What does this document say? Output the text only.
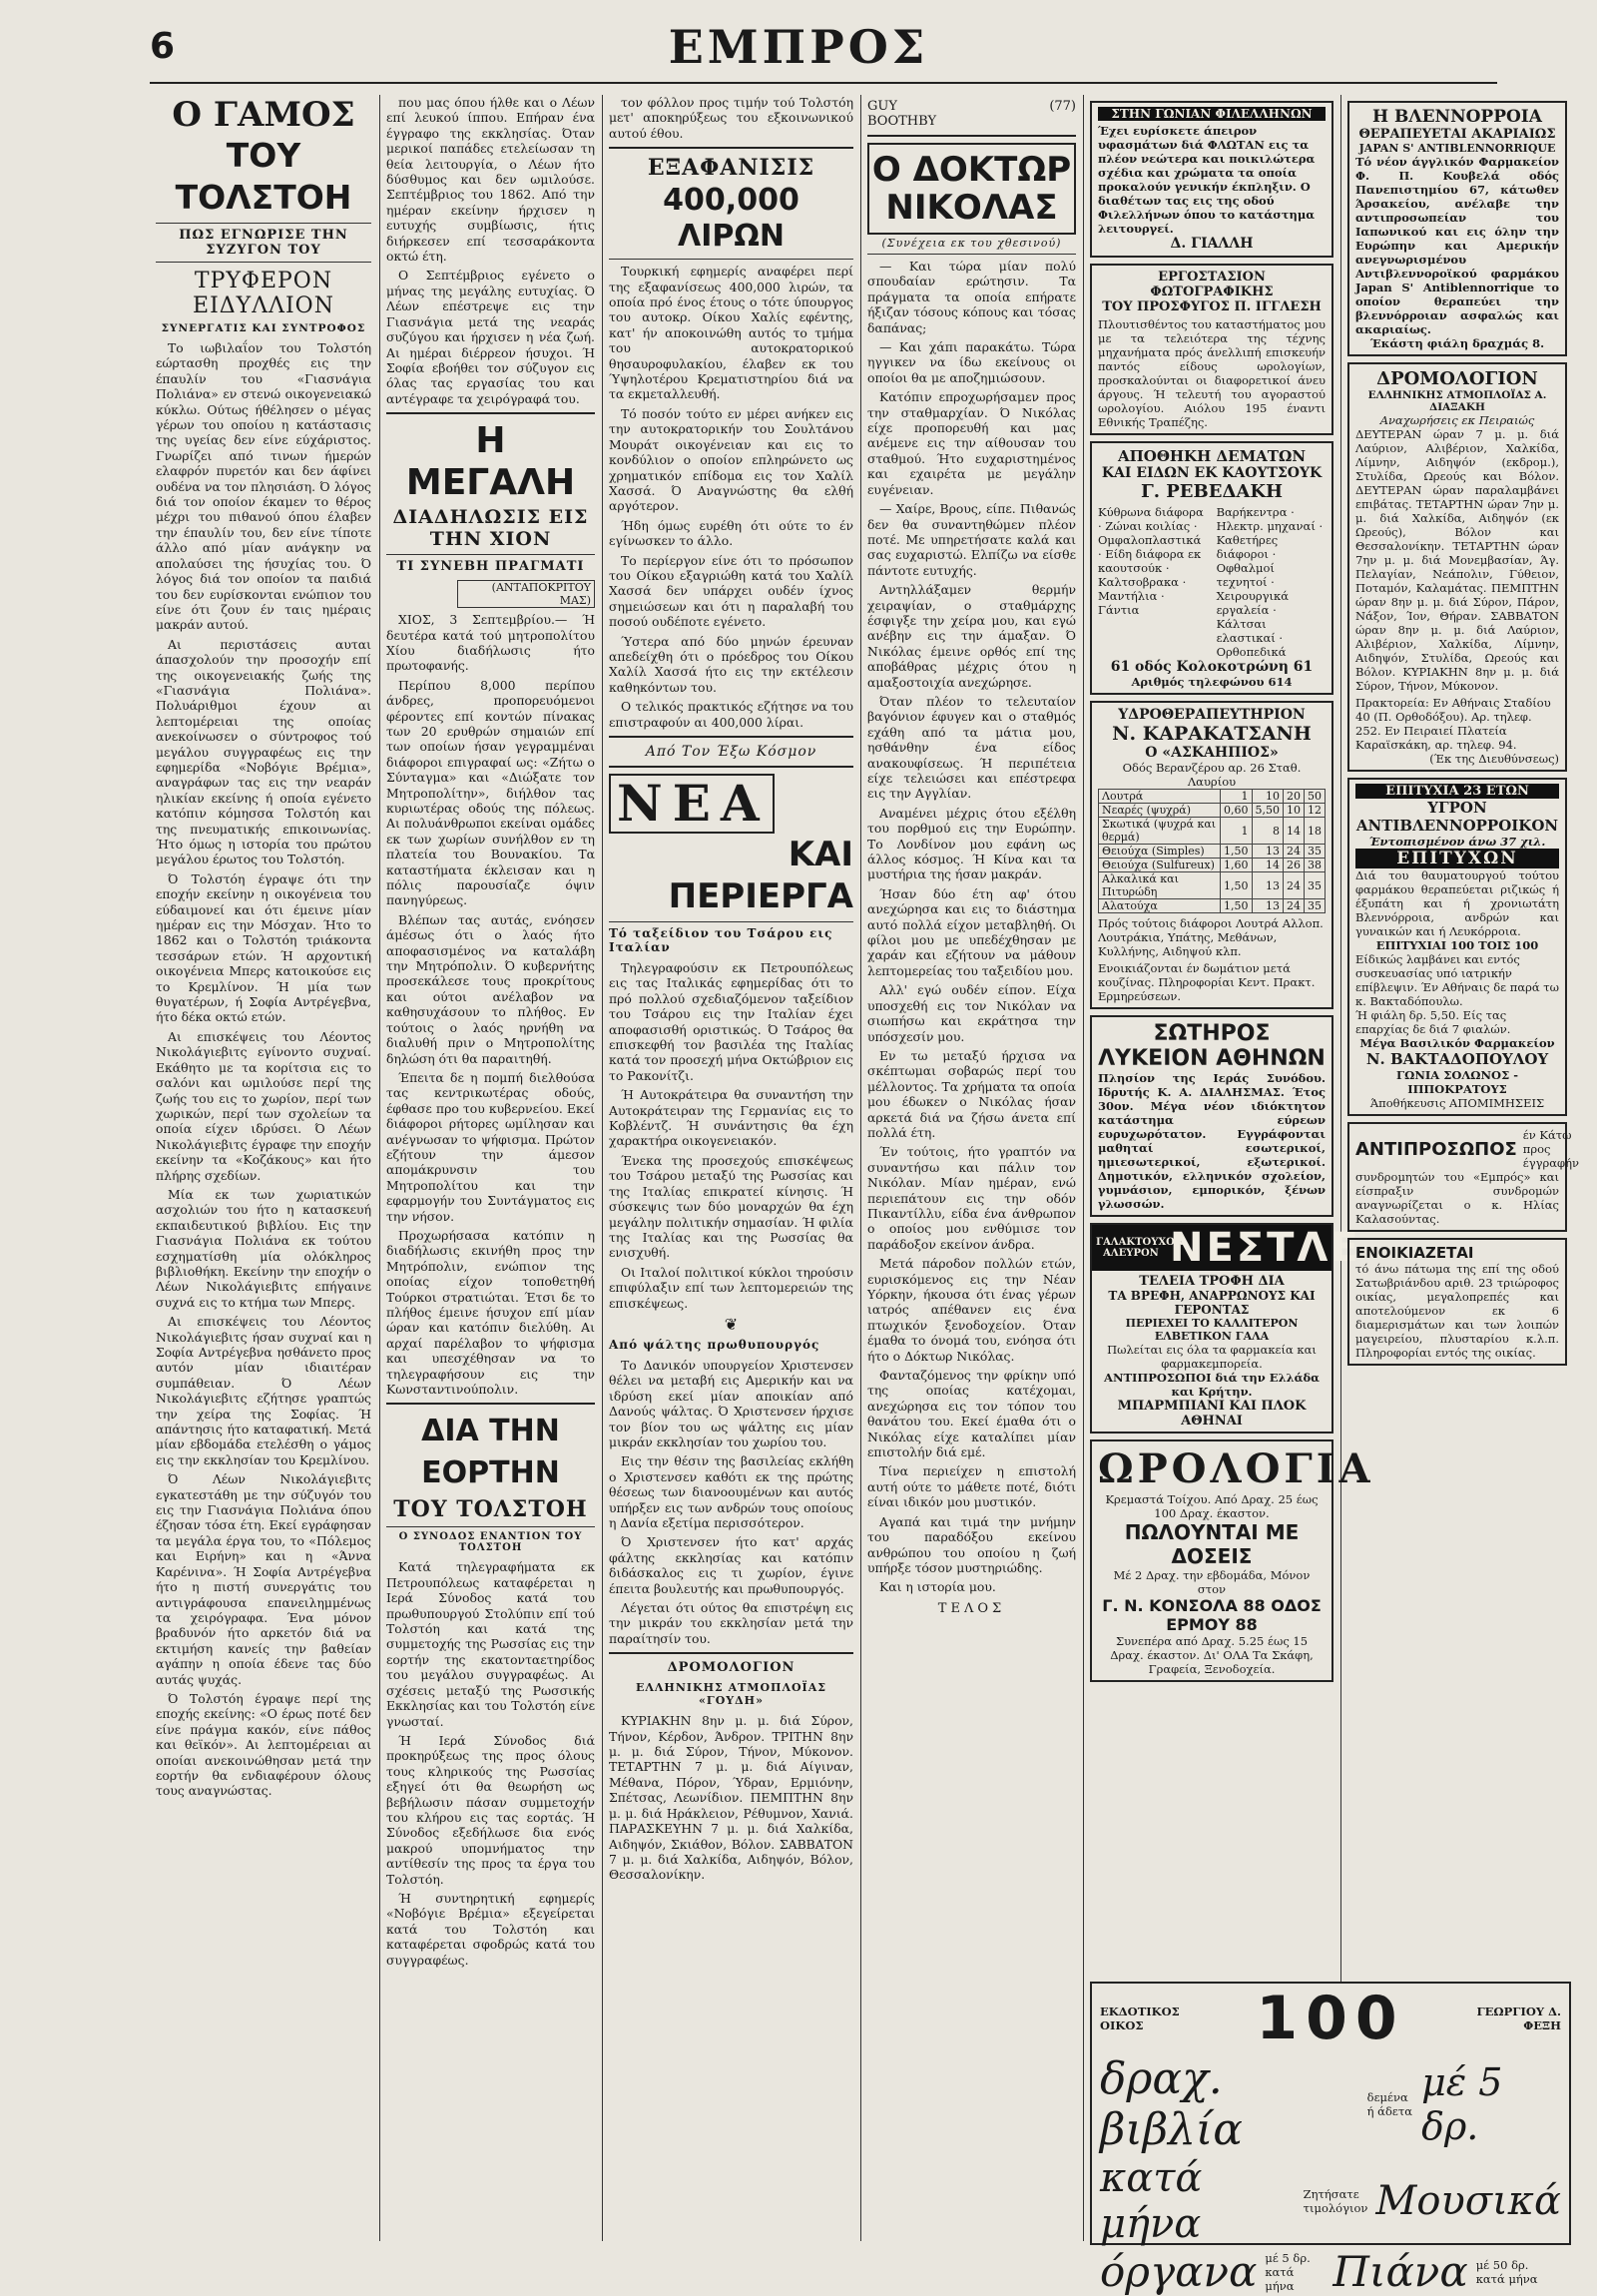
6	ΕΜΠΡΟΣ
Ο ΓΑΜΟΣ
ΤΟΥ ΤΟΛΣΤΟΗ
ΠΩΣ ΕΓΝΩΡΙΣΕ ΤΗΝ ΣΥΖΥΓΟΝ ΤΟΥ
ΤΡΥΦΕΡΟΝ ΕΙΔΥΛΛΙΟΝ
ΣΥΝΕΡΓΑΤΙΣ ΚΑΙ ΣΥΝΤΡΟΦΟΣ

Το ιωβιλαΐον του Τολστόη εώρτασθη προχθές εις την έπαυλίν του «Γιασνάγια Πολιάνα» εν στενώ οικογενειακώ κύκλω. Ούτως ήθέλησεν ο μέγας γέρων του οποίου η κατάστασις της υγείας δεν είνε εύχάριστος. Γνωρίζει από τινων ήμερών ελαφρόν πυρετόν και δεν άφίνει ουδένα να τον πλησιάση. Ό λόγος διά τον οποίον έκαμεν το θέρος μέχρι του πιθανού όπου έλαβεν την έπαυλίν του, δεν είνε τίποτε άλλο από μίαν ανάγκην να απολαύσει της ήσυχίας του. Ό λόγος διά τον οποίον τα παιδιά του δεν ευρίσκονται ενώπιον του είνε ότι ζουν έν ταις ημέραις μακράν αυτού.

Αι περιστάσεις αυται άπασχολούν την προσοχήν επί της οικογενειακής ζωής της «Γιασνάγια Πολιάνα». Πολυάριθμοι έχουν αι λεπτομέρειαι της οποίας ανεκοίνωσεν ο σύντροφος τού μεγάλου συγγραφέως εις την εφημερίδα «Νοβόγιε Βρέμια», αναγράφων τας εις την νεαράν ηλικίαν εκείνης ή οποία εγένετο κατόπιν κόμησσα Τολστόη και της πνευματικής επικοινωνίας. Ήτο όμως η ιστορία του πρώτου μεγάλου έρωτος του Τολστόη.

Ό Τολστόη έγραψε ότι την εποχήν εκείνην η οικογένεια του εύδαιμονεί και ότι έμεινε μίαν ημέραν εις την Μόσχαν. Ήτο το 1862 και ο Τολστόη τριάκοντα τεσσάρων ετών. Ή αρχοντική οικογένεια Μπερς κατοικούσε εις το Κρεμλίνον. Ή μία των θυγατέρων, ή Σοφία Αντρέγεβνα, ήτο δέκα οκτώ ετών.

Αι επισκέψεις του Λέοντος Νικολάγιεβιτς εγίνοντο συχναί. Εκάθητο με τα κορίτσια εις το σαλόνι και ωμιλούσε περί της ζωής του εις το χωρίον, περί των χωρικών, περί των σχολείων τα οποία είχεν ιδρύσει. Ό Λέων Νικολάγιεβιτς έγραφε την εποχήν εκείνην τα «Κοζάκους» και ήτο πλήρης σχεδίων.

Μία εκ των χωριατικών ασχολιών του ήτο η κατασκευή εκπαιδευτικού βιβλίου. Εις την Γιασνάγια Πολιάνα εκ τούτου εσχηματίσθη μία ολόκληρος βιβλιοθήκη. Εκείνην την εποχήν ο Λέων Νικολάγιεβιτς επήγαινε συχνά εις το κτήμα των Μπερς.

Αι επισκέψεις του Λέοντος Νικολάγιεβιτς ήσαν συχναί και η Σοφία Αντρέγεβνα ησθάνετο προς αυτόν μίαν ιδιαιτέραν συμπάθειαν. Ό Λέων Νικολάγιεβιτς εζήτησε γραπτώς την χείρα της Σοφίας. Ή απάντησις ήτο καταφατική. Μετά μίαν εβδομάδα ετελέσθη ο γάμος εις την εκκλησίαν του Κρεμλίνου.

Ό Λέων Νικολάγιεβιτς εγκατεστάθη με την σύζυγόν του εις την Γιασνάγια Πολιάνα όπου έζησαν τόσα έτη. Εκεί εγράφησαν τα μεγάλα έργα του, το «Πόλεμος και Ειρήνη» και η «Άννα Καρένινα». Ή Σοφία Αντρέγεβνα ήτο η πιστή συνεργάτις του αντιγράφουσα επανειλημμένως τα χειρόγραφα. Ένα μόνον βραδυνόν ήτο αρκετόν διά να εκτιμήση κανείς την βαθείαν αγάπην η οποία έδενε τας δύο αυτάς ψυχάς.

Ό Τολστόη έγραψε περί της εποχής εκείνης: «Ο έρως ποτέ δεν είνε πράγμα κακόν, είνε πάθος και θεϊκόν». Αι λεπτομέρειαι αι οποίαι ανεκοινώθησαν μετά την εορτήν θα ενδιαφέρουν όλους τους αναγνώστας.

που μας όπου ήλθε και ο Λέων επί λευκού ίππου. Επήραν ένα έγγραφο της εκκλησίας. Όταν μερικοί παπάδες ετελείωσαν τη θεία λειτουργία, ο Λέων ήτο δύσθυμος και δεν ωμιλούσε. Σεπτέμβριος του 1862. Από την ημέραν εκείνην ήρχισεν η ευτυχής συμβίωσις, ήτις διήρκεσεν επί τεσσαράκοντα οκτώ έτη.

Ο Σεπτέμβριος εγένετο ο μήνας της μεγάλης ευτυχίας. Ό Λέων επέστρεψε εις την Γιασνάγια μετά της νεαράς συζύγου και ήρχισεν η νέα ζωή. Αι ημέραι διέρρεον ήσυχοι. Ή Σοφία εβοήθει τον σύζυγον εις όλας τας εργασίας του και αντέγραφε τα χειρόγραφά του.

Η ΜΕΓΑΛΗ
ΔΙΑΔΗΛΩΣΙΣ ΕΙΣ ΤΗΝ ΧΙΟΝ
ΤΙ ΣΥΝΕΒΗ ΠΡΑΓΜΑΤΙ
(ΑΝΤΑΠΟΚΡΙΤΟΥ ΜΑΣ)

ΧΙΟΣ, 3 Σεπτεμβρίου.— Ή δευτέρα κατά τού μητροπολίτου Χίου διαδήλωσις ήτο πρωτοφανής.

Περίπου 8,000 περίπου άνδρες, προπορευόμενοι φέροντες επί κοντών πίνακας των 20 ερυθρών σημαιών επί των οποίων ήσαν γεγραμμέναι διάφοροι επιγραφαί ως: «Ζήτω ο Σύνταγμα» και «Διώξατε τον Μητροπολίτην», διήλθον τας κυριωτέρας οδούς της πόλεως. Αι πολυάνθρωποι εκείναι ομάδες εκ των χωρίων συνήλθον εν τη πλατεία του Βουνακίου. Τα καταστήματα έκλεισαν και η πόλις παρουσίαζε όψιν πανηγύρεως.

Βλέπων τας αυτάς, ενόησεν άμέσως ότι ο λαός ήτο αποφασισμένος να καταλάβη την Μητρόπολιν. Ό κυβερνήτης προσεκάλεσε τους προκρίτους και ούτοι ανέλαβον να καθησυχάσουν το πλήθος. Εν τούτοις ο λαός ηρνήθη να διαλυθή πριν ο Μητροπολίτης δηλώση ότι θα παραιτηθή.

Έπειτα δε η πομπή διελθούσα τας κεντρικωτέρας οδούς, έφθασε προ του κυβερνείου. Εκεί διάφοροι ρήτορες ωμίλησαν και ανέγνωσαν το ψήφισμα. Πρώτον εζήτουν την άμεσον απομάκρυνσιν του Μητροπολίτου και την εφαρμογήν του Συντάγματος εις την νήσον.

Προχωρήσασα κατόπιν η διαδήλωσις εκινήθη προς την Μητρόπολιν, ενώπιον της οποίας είχον τοποθετηθή Τούρκοι στρατιώται. Έτσι δε το πλήθος έμεινε ήσυχον επί μίαν ώραν και κατόπιν διελύθη. Αι αρχαί παρέλαβον το ψήφισμα και υπεσχέθησαν να το τηλεγραφήσουν εις την Κωνσταντινούπολιν.

ΔΙΑ ΤΗΝ ΕΟΡΤΗΝ
ΤΟΥ ΤΟΛΣΤΟΗ
Ο ΣΥΝΟΔΟΣ ΕΝΑΝΤΙΟΝ ΤΟΥ ΤΟΛΣΤΟΗ

Κατά τηλεγραφήματα εκ Πετρουπόλεως καταφέρεται η Ιερά Σύνοδος κατά του πρωθυπουργού Στολύπιν επί τού Τολστόη και κατά της συμμετοχής της Ρωσσίας εις την εορτήν της εκατονταετηρίδος του μεγάλου συγγραφέως. Αι σχέσεις μεταξύ της Ρωσσικής Εκκλησίας και του Τολστόη είνε γνωσταί.

Ή Ιερά Σύνοδος διά προκηρύξεως της προς όλους τους κληρικούς της Ρωσσίας εξηγεί ότι θα θεωρήση ως βεβήλωσιν πάσαν συμμετοχήν του κλήρου εις τας εορτάς. Ή Σύνοδος εξεδήλωσε δια ενός μακρού υπομνήματος την αντίθεσίν της προς τα έργα του Τολστόη.

Ή συντηρητική εφημερίς «Νοβόγιε Βρέμια» εξεγείρεται κατά του Τολστόη και καταφέρεται σφοδρώς κατά του συγγραφέως.

τον φόλλον προς τιμήν τού Τολστόη μετ' αποκηρύξεως του εξκοινωνικού αυτού έθου.

ΕΞΑΦΑΝΙΣΙΣ
400,000 ΛΙΡΩΝ

Τουρκική εφημερίς αναφέρει περί της εξαφανίσεως 400,000 λιρών, τα οποία πρό ένος έτους ο τότε ύπουργος του αυτοκρ. Οίκου Χαλίς εφέντης, κατ' ήν αποκοινώθη αυτός το τμήμα του αυτοκρατορικού θησαυροφυλακίου, έλαβεν εκ του Ύψηλοτέρου Κρεματιστηρίου διά να τα εκμεταλλευθή.

Τό ποσόν τούτο εν μέρει ανήκεν εις την αυτοκρατορικήν του Σουλτάνου Μουράτ οικογένειαν και εις το κονδύλιον ο οποίον επληρώνετο ως χρηματικόν επίδομα εις τον Χαλίλ Χασσά. Ό Αναγνώστης θα ελθή αργότερον.

Ήδη όμως ευρέθη ότι ούτε το έν εγίνωσκεν το άλλο.

Το περίεργον είνε ότι το πρόσωπον του Οίκου εξαγριώθη κατά του Χαλίλ Χασσά δεν υπάρχει ουδέν ίχνος σημειώσεων και ότι η παραλαβή του ποσού ουδέποτε εγένετο.

Ύστερα από δύο μηνών έρευναν απεδείχθη ότι ο πρόεδρος του Οίκου Χαλίλ Χασσά ήτο εις την εκτέλεσιν καθηκόντων του.

Ο τελικός πρακτικός εζήτησε να του επιστραφούν αι 400,000 λίραι.

Από Τον Έξω Κόσμον
ΝΕΑ
ΚΑΙ ΠΕΡΙΕΡΓΑ
Τό ταξείδιον του Τσάρου εις Ιταλίαν

Τηλεγραφούσιν εκ Πετρουπόλεως εις τας Ιταλικάς εφημερίδας ότι το πρό πολλού σχεδιαζόμενον ταξείδιον του Τσάρου εις την Ιταλίαν έχει αποφασισθή οριστικώς. Ό Τσάρος θα επισκεφθή τον βασιλέα της Ιταλίας κατά τον προσεχή μήνα Οκτώβριον εις το Ρακονίτζι.

Ή Αυτοκράτειρα θα συναντήση την Αυτοκράτειραν της Γερμανίας εις το Κοβλέντζ. Ή συνάντησις θα έχη χαρακτήρα οικογενειακόν.

Ένεκα της προσεχούς επισκέψεως του Τσάρου μεταξύ της Ρωσσίας και της Ιταλίας επικρατεί κίνησις. Ή σύσκεψις των δύο μοναρχών θα έχη μεγάλην πολιτικήν σημασίαν. Ή φιλία της Ιταλίας και της Ρωσσίας θα ενισχυθή.

Οι Ιταλοί πολιτικοί κύκλοι τηρούσιν επιφύλαξιν επί των λεπτομερειών της επισκέψεως.

❦
Από ψάλτης πρωθυπουργός

Το Δανικόν υπουργείον Χριστενσεν θέλει να μεταβή εις Αμερικήν και να ιδρύση εκεί μίαν αποικίαν από Δανούς ψάλτας. Ό Χριστενσεν ήρχισε τον βίον του ως ψάλτης εις μίαν μικράν εκκλησίαν του χωρίου του.

Εις την θέσιν της βασιλείας εκλήθη ο Χριστενσεν καθότι εκ της πρώτης θέσεως των διανοουμένων και αυτός υπήρξεν εις των ανδρών τους οποίους η Δανία εξετίμα περισσότερον.

Ό Χριστενσεν ήτο κατ' αρχάς φάλτης εκκλησίας και κατόπιν διδάσκαλος εις τι χωρίον, έγινε έπειτα βουλευτής και πρωθυπουργός.

Λέγεται ότι ούτος θα επιστρέψη εις την μικράν του εκκλησίαν μετά την παραίτησίν του.

ΔΡΟΜΟΛΟΓΙΟΝ
ΕΛΛΗΝΙΚΗΣ ΑΤΜΟΠΛΟΪΑΣ «ΓΟΥΔΗ»

ΚΥΡΙΑΚΗΝ 8ην μ. μ. διά Σύρον, Τήνον, Κέρδον, Άνδρον. ΤΡΙΤΗΝ 8ην μ. μ. διά Σύρον, Τήνον, Μύκονον. ΤΕΤΑΡΤΗΝ 7 μ. μ. διά Αίγιναν, Μέθανα, Πόρον, Ύδραν, Ερμιόνην, Σπέτσας, Λεωνίδιον. ΠΕΜΠΤΗΝ 8ην μ. μ. διά Ηράκλειον, Ρέθυμνον, Χανιά. ΠΑΡΑΣΚΕΥΗΝ 7 μ. μ. διά Χαλκίδα, Αιδηψόν, Σκιάθον, Βόλον. ΣΑΒΒΑΤΟΝ 7 μ. μ. διά Χαλκίδα, Αιδηψόν, Βόλον, Θεσσαλονίκην.

GUY BOOTHBY
(77)
Ο ΔΟΚΤΩΡ ΝΙΚΟΛΑΣ
(Συνέχεια εκ του χθεσινού)

— Και τώρα μίαν πολύ σπουδαίαν ερώτησιν. Τα πράγματα τα οποία επήρατε ήξιζαν τόσους κόπους και τόσας δαπάνας;

— Και χάπι παρακάτω. Τώρα ηγγικεν να ίδω εκείνους οι οποίοι θα με αποζημιώσουν.

Κατόπιν επροχωρήσαμεν προς την σταθμαρχίαν. Ό Νικόλας είχε προπορευθή και μας ανέμενε εις την αίθουσαν του σταθμού. Ήτο ευχαριστημένος και εχαιρέτα με μεγάλην ευγένειαν.

— Χαίρε, Βρους, είπε. Πιθανώς δεν θα συναντηθώμεν πλέον ποτέ. Με υπηρετήσατε καλά και σας ευχαριστώ. Ελπίζω να είσθε πάντοτε ευτυχής.

Αντηλλάξαμεν θερμήν χειραψίαν, ο σταθμάρχης έσφιγξε την χείρα μου, και εγώ ανέβην εις την άμαξαν. Ό Νικόλας έμεινε ορθός επί της αποβάθρας μέχρις ότου η αμαξοστοιχία ανεχώρησε.

Όταν πλέον το τελευταίον βαγόνιον έφυγεν και ο σταθμός εχάθη από τα μάτια μου, ησθάνθην ένα είδος ανακουφίσεως. Ή περιπέτεια είχε τελειώσει και επέστρεφα εις την Αγγλίαν.

Αναμένει μέχρις ότου εξέλθη του πορθμού εις την Ευρώπην. Το Λονδίνον μου εφάνη ως άλλος κόσμος. Ή Κίνα και τα μυστήρια της ήσαν μακράν.

Ήσαν δύο έτη αφ' ότου ανεχώρησα και εις το διάστημα αυτό πολλά είχον μεταβληθή. Οι φίλοι μου με υπεδέχθησαν με χαράν και εζήτουν να μάθουν λεπτομερείας του ταξειδίου μου.

Αλλ' εγώ ουδέν είπον. Είχα υποσχεθή εις τον Νικόλαν να σιωπήσω και εκράτησα την υπόσχεσίν μου.

Εν τω μεταξύ ήρχισα να σκέπτωμαι σοβαρώς περί του μέλλοντος. Τα χρήματα τα οποία μου έδωκεν ο Νικόλας ήσαν αρκετά διά να ζήσω άνετα επί πολλά έτη.

Έν τούτοις, ήτο γραπτόν να συναντήσω και πάλιν τον Νικόλαν. Μίαν ημέραν, ενώ περιεπάτουν εις την οδόν Πικαντίλλυ, είδα ένα άνθρωπον ο οποίος μου ενθύμισε τον παράδοξον εκείνον άνδρα.

Μετά πάροδον πολλών ετών, ευρισκόμενος εις την Νέαν Υόρκην, ήκουσα ότι ένας γέρων ιατρός απέθανεν εις ένα πτωχικόν ξενοδοχείον. Όταν έμαθα το όνομά του, ενόησα ότι ήτο ο Δόκτωρ Νικόλας.

Φανταζόμενος την φρίκην υπό της οποίας κατέχομαι, ανεχώρησα εις τον τόπον του θανάτου του. Εκεί έμαθα ότι ο Νικόλας είχε καταλίπει μίαν επιστολήν διά εμέ.

Τίνα περιείχεν η επιστολή αυτή ούτε το μάθετε ποτέ, διότι είναι ιδικόν μου μυστικόν.

Αγαπά και τιμά την μνήμην του παραδόξου εκείνου ανθρώπου του οποίου η ζωή υπήρξε τόσον μυστηριώδης.

Και η ιστορία μου.

ΤΕΛΟΣ
ΣΤΗΝ ΓΩΝΙΑΝ ΦΙΛΕΛΛΗΝΩΝ
Έχει ευρίσκετε άπειρον υφασμάτων διά ΦΛΩΤΑΝ εις τα πλέον νεώτερα και ποικιλώτερα σχέδια και χρώματα τα οποία προκαλούν γενικήν έκπληξιν. Ο διαθέτων τας εις της οδού Φιλελλήνων όπου το κατάστημα λειτουργεί.
Δ. ΓΙΑΛΛΗ
ΕΡΓΟΣΤΑΣΙΟΝ ΦΩΤΟΓΡΑΦΙΚΗΣ
ΤΟΥ ΠΡΟΣΦΥΓΟΣ Π. ΙΓΓΛΕΣΗ
Πλουτισθέντος του καταστήματος μου με τα τελειότερα της τέχνης μηχανήματα πρός άνελλιπή επισκευήν παντός είδους ωρολογίων, προσκαλούνται οι διαφορετικοί άνευ άργους. Ή τελευτή του αγοραστού ωρολογίου. Αιόλου 195 έναντι Εθνικής Τραπέζης.
ΑΠΟΘΗΚΗ ΔΕΜΑΤΩΝ
ΚΑΙ ΕΙΔΩΝ ΕΚ ΚΑΟΥΤΣΟΥΚ
Γ. ΡΕΒΕΔΑΚΗ
Κύθρωνα διάφορα · Ζώναι κοιλίας · Ομφαλοπλαστικά · Είδη διάφορα εκ καουτσούκ · Καλτσοβρακα · Μαντήλια · Γάντια
Βαρήκεντρα · Ηλεκτρ. μηχαναί · Καθετήρες διάφοροι · Οφθαλμοί τεχνητοί · Χειρουργικά εργαλεία · Κάλτσαι ελαστικαί · Ορθοπεδικά
61 οδός Κολοκοτρώνη 61
Αριθμός τηλεφώνου 614
ΥΔΡΟΘΕΡΑΠΕΥΤΗΡΙΟΝ
Ν. ΚΑΡΑΚΑΤΣΑΝΗ
Ο «ΑΣΚΑΗΠΙΟΣ»
Οδός Βερανζέρου αρ. 26 Σταθ. Λαυρίου
Λουτρά	1	10	20	50
Νεαρές (ψυχρά)	0,60	5,50	10	12
Σκωτικά (ψυχρά και θερμά)	1	8	14	18
Θειούχα (Simples)	1,50	13	24	35
Θειούχα (Sulfureux)	1,60	14	26	38
Αλκαλικά και Πιτυρώδη	1,50	13	24	35
Αλατούχα	1,50	13	24	35
Πρός τούτοις διάφοροι Λουτρά Αλλοπ. Λουτράκια, Υπάτης, Μεθάνων, Κυλλήνης, Αιδηψού κλπ.
Ενοικιάζονται έν δωμάτιον μετά κουζίνας. Πληροφορίαι Κεντ. Πρακτ. Ερμηρεύσεων.
ΣΩΤΗΡΟΣ ΛΥΚΕΙΟΝ ΑΘΗΝΩΝ
Πλησίον της Ιεράς Συνόδου. Ιδρυτής Κ. Α. ΔΙΑΛΗΣΜΑΣ. Έτος 30ον. Μέγα νέον ιδιόκτητον κατάστημα εύρεων ευρυχωρότατον. Εγγράφονται μαθηταί εσωτερικοί, ημιεσωτερικοί, εξωτερικοί. Δημοτικόν, ελληνικόν σχολείον, γυμνάσιον, εμπορικόν, ξένων γλωσσών.
ΓΑΛΑΚΤΟΥΧΟΝ ΑΛΕΥΡΟΝ ΝΕΣΤΛΕ
ΤΕΛΕΙΑ ΤΡΟΦΗ ΔΙΑ
ΤΑ ΒΡΕΦΗ, ΑΝΑΡΡΩΝΟΥΣ ΚΑΙ ΓΕΡΟΝΤΑΣ
ΠΕΡΙΕΧΕΙ ΤΟ ΚΑΛΛΙΤΕΡΟΝ ΕΛΒΕΤΙΚΟΝ ΓΑΛΑ
Πωλείται εις όλα τα φαρμακεία και φαρμακεμπορεία.
ΑΝΤΙΠΡΟΣΩΠΟΙ διά την Ελλάδα και Κρήτην.
ΜΠΑΡΜΠΙΑΝΙ ΚΑΙ ΠΛΟΚ ΑΘΗΝΑΙ
ΩΡΟΛΟΓΙΑ
Κρεμαστά Τοίχου. Από Δραχ. 25 έως 100 Δραχ. έκαστον.
ΠΩΛΟΥΝΤΑΙ ΜΕ ΔΟΣΕΙΣ
Μέ 2 Δραχ. την εβδομάδα, Μόνον στον
Γ. Ν. ΚΟΝΣΟΛΑ 88 ΟΔΟΣ ΕΡΜΟΥ 88
Συνεπέρα από Δραχ. 5.25 έως 15 Δραχ. έκαστον. Δι' ΟΛΑ Τα Σκάφη, Γραφεία, Ξενοδοχεία.
Η ΒΛΕΝΝΟΡΡΟΙΑ
ΘΕΡΑΠΕΥΕΤΑΙ ΑΚΑΡΙΑΙΩΣ
JAPAN S' ANTIBLENNORRIQUE
Τό νέον άγγλικόν Φαρμακείον Φ. Π. Κουβελά οδός Πανεπιστημίου 67, κάτωθεν Άρσακείου, ανέλαβε την αντιπροσωπείαν του Ιαπωνικού και εις όλην την Ευρώπην και Αμερικήν ανεγνωρισμένου Αντιβλεννοροϊκού φαρμάκου Japan S' Antiblennorrique το οποίον θεραπεύει την βλεννόρροιαν ασφαλώς και ακαριαίως.
Έκάστη φιάλη δραχμάς 8.
ΔΡΟΜΟΛΟΓΙΟΝ
ΕΛΛΗΝΙΚΗΣ ΑΤΜΟΠΛΟΪΑΣ Α. ΔΙΑΞΑΚΗ
Αναχωρήσεις εκ Πειραιώς
ΔΕΥΤΕΡΑΝ ώραν 7 μ. μ. διά Λαύριον, Αλιβέριον, Χαλκίδα, Λίμνην, Αιδηψόν (εκδρομ.), Στυλίδα, Ωρεούς και Βόλον. ΔΕΥΤΕΡΑΝ ώραν παραλαμβάνει επιβάτας. ΤΕΤΑΡΤΗΝ ώραν 7ην μ. μ. διά Χαλκίδα, Αιδηψόν (εκ Ωρεούς), Βόλον και Θεσσαλονίκην. ΤΕΤΑΡΤΗΝ ώραν 7ην μ. μ. διά Μονεμβασίαν, Άγ. Πελαγίαν, Νεάπολιν, Γύθειον, Ποταμόν, Καλαμάτας. ΠΕΜΠΤΗΝ ώραν 8ην μ. μ. διά Σύρον, Πάρον, Νάξον, Ίον, Θήραν. ΣΑΒΒΑΤΟΝ ώραν 8ην μ. μ. διά Λαύριον, Αλιβέριον, Χαλκίδα, Λίμνην, Αιδηψόν, Στυλίδα, Ωρεούς και Βόλον. ΚΥΡΙΑΚΗΝ 8ην μ. μ. διά Σύρον, Τήνον, Μύκονον.
Πρακτορεία: Εν Αθήναις Σταδίου 40 (Π. Ορθοδόξου). Αρ. τηλεφ. 252. Εν Πειραιεί Πλατεία Καραϊσκάκη, αρ. τηλεφ. 94.
(Έκ της Διευθύνσεως)
ΕΠΙΤΥΧΙΑ 23 ΕΤΩΝ
ΥΓΡΟΝ ΑΝΤΙΒΛΕΝΝΟΡΡΟΙΚΟΝ
Έντοπισμένον άνω 37 χιλ.
ΕΠΙΤΥΧΩΝ
Διά του θαυματουργού τούτου φαρμάκου θεραπεύεται ριζικώς ή έξυπάτη και ή χρονιωτάτη Βλεννόρροια, ανδρών και γυναικών και ή Λευκόρροια.
ΕΠΙΤΥΧΙΑΙ 100 ΤΟΙΣ 100
Είδικώς λαμβάνει και εντός συσκευασίας υπό ιατρικήν επίβλεψιν. Έν Αθήναις δε παρά τω κ. Βακταδόπουλω.
Ή φιάλη δρ. 5,50. Είς τας επαρχίας δε διά 7 φιαλών.
Μέγα Βασιλικόν Φαρμακείον
Ν. ΒΑΚΤΑΔΟΠΟΥΛΟΥ
ΓΩΝΙΑ ΣΟΛΩΝΟΣ - ΙΠΠΟΚΡΑΤΟΥΣ
Άποθήκευσις ΑΠΟΜΙΜΗΣΕΙΣ
ΑΝΤΙΠΡΟΣΩΠΟΣ
έν Κάτω προς έγγραφήν
συνδρομητών του «Εμπρός» και είσπραξιν συνδρομών αναγνωρίζεται ο κ. Ηλίας Καλασούντας.
ΕΝΟΙΚΙΑΖΕΤΑΙ
τό άνω πάτωμα της επί της οδού Σατωβριάνδου αριθ. 23 τριώροφος οικίας, μεγαλοπρεπές και αποτελούμενον εκ 6 διαμερισμάτων και των λοιπών μαγειρείου, πλυσταρίου κ.λ.π. Πληροφορίαι εντός της οικίας.
ΕΚΔΟΤΙΚΟΣ ΟΙΚΟΣ	100	ΓΕΩΡΓΙΟΥ Δ. ΦΕΞΗ
δραχ. βιβλία
δεμένα ή άδετα
μέ 5 δρ.
κατά μήνα
Ζητήσατε τιμολόγιον Μουσικά
όργανα μέ 5 δρ. κατά μήνα Πιάνα μέ 50 δρ. κατά μήνα
